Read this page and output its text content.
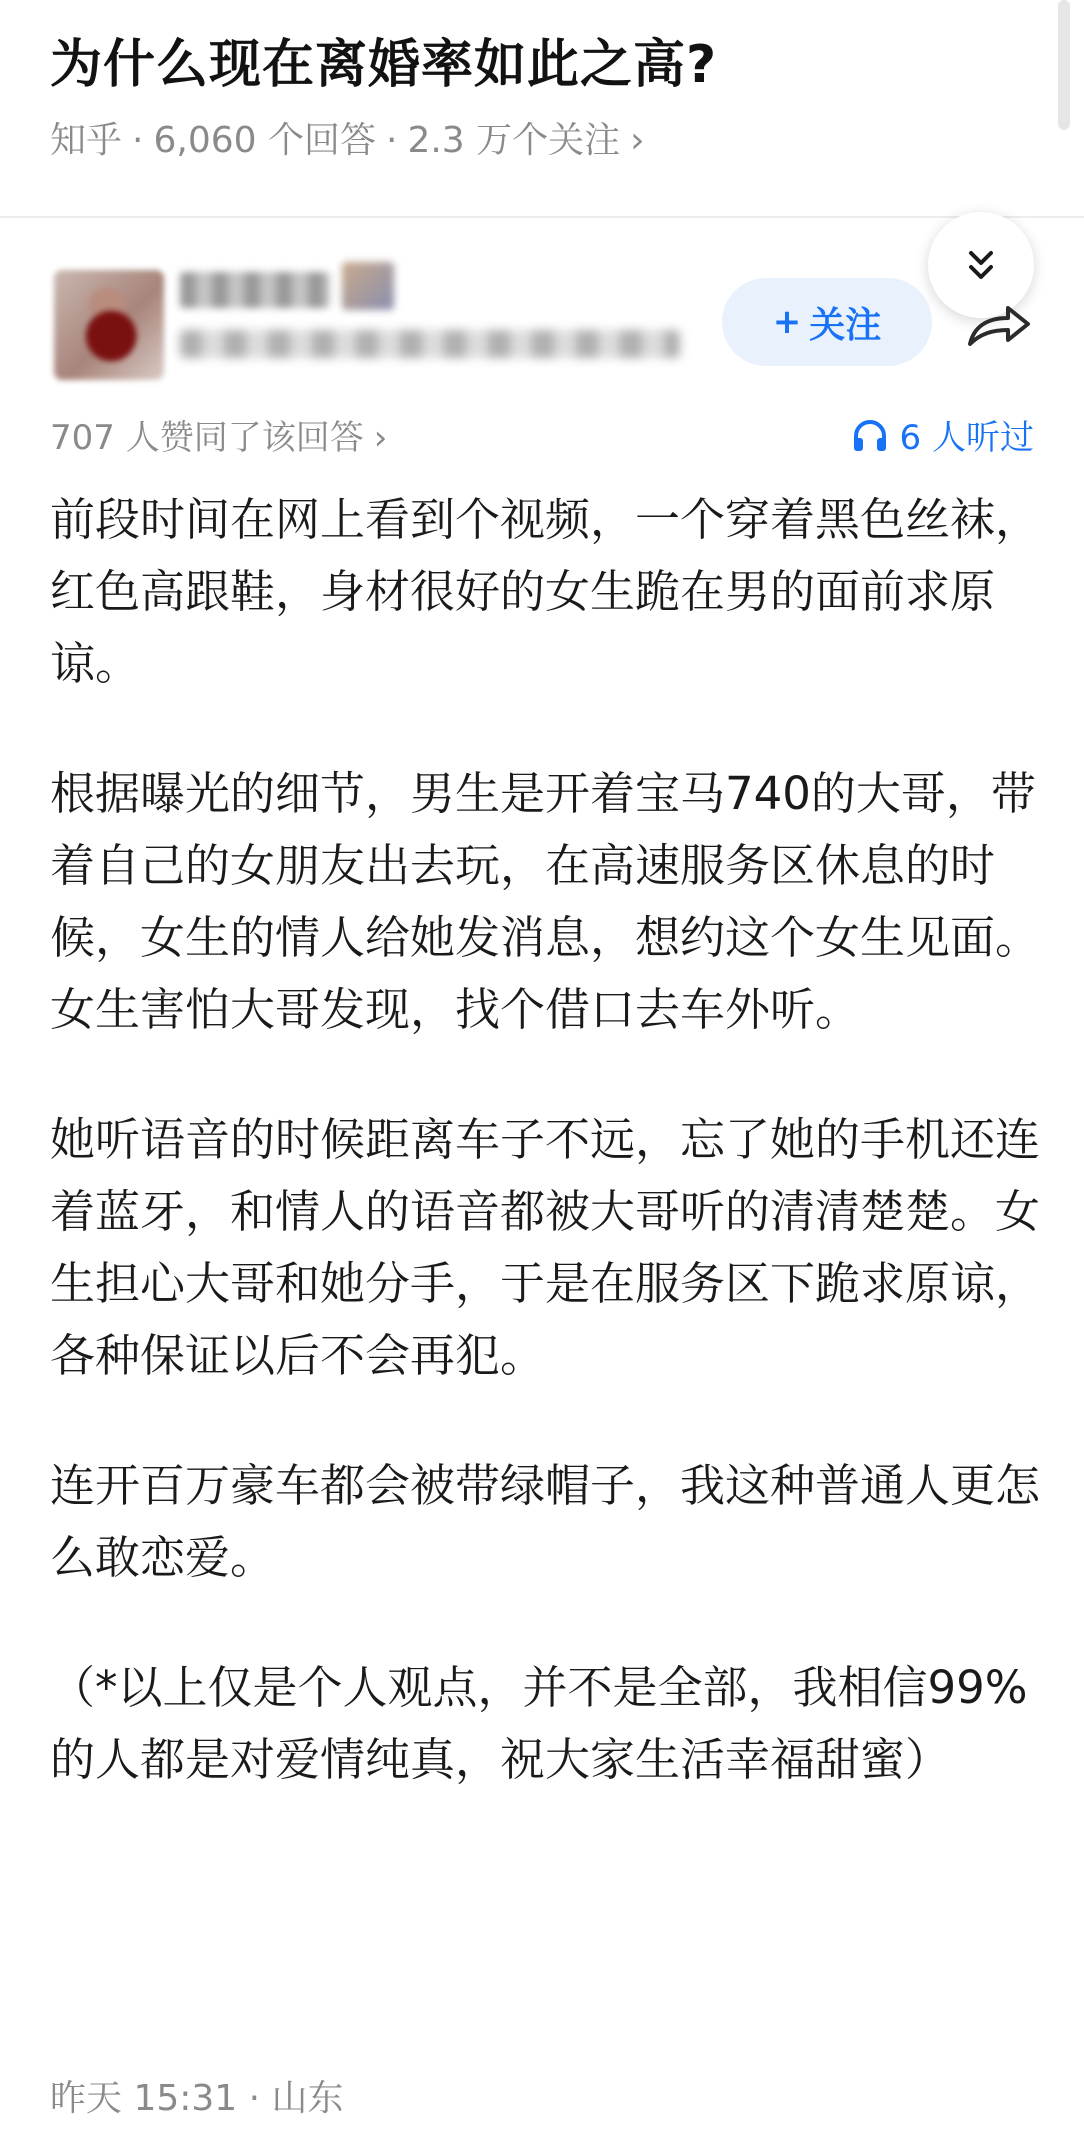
为什么现在离婚率如此之高?
知乎 · 6,060 个回答 · 2.3 万个关注 ›
+ 关注
707 人赞同了该回答 ›	6 人听过

前段时间在网上看到个视频，一个穿着黑色丝袜，红色高跟鞋，身材很好的女生跪在男的面前求原谅。

根据曝光的细节，男生是开着宝马740的大哥，带着自己的女朋友出去玩，在高速服务区休息的时候，女生的情人给她发消息，想约这个女生见面。女生害怕大哥发现，找个借口去车外听。

她听语音的时候距离车子不远，忘了她的手机还连着蓝牙，和情人的语音都被大哥听的清清楚楚。女生担心大哥和她分手，于是在服务区下跪求原谅，各种保证以后不会再犯。

连开百万豪车都会被带绿帽子，我这种普通人更怎么敢恋爱。

（*以上仅是个人观点，并不是全部，我相信99%的人都是对爱情纯真，祝大家生活幸福甜蜜）

昨天 15:31 · 山东
